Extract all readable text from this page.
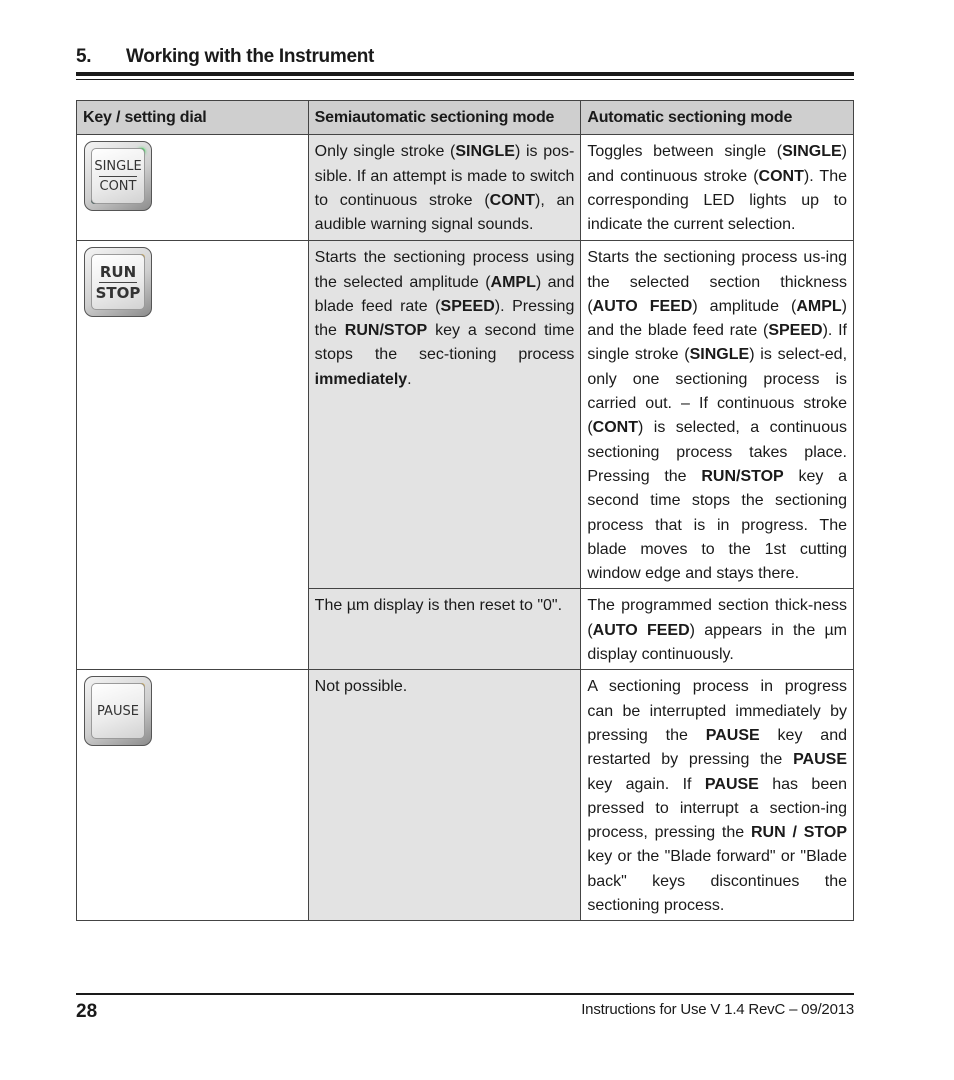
5. Working with the Instrument
Key / setting dial	Semiautomatic sectioning mode	Automatic sectioning mode

SINGLE
CONT	Only single stroke (SINGLE) is pos-sible. If an attempt is made to switch to continuous stroke (CONT), an audible warning signal sounds.	Toggles between single (SINGLE) and continuous stroke (CONT). The corresponding LED lights up to indicate the current selection.

RUN
STOP	Starts the sectioning process using the selected amplitude (AMPL) and blade feed rate (SPEED). Pressing the RUN/STOP key a second time stops the sec-tioning process immediately.	Starts the sectioning process us-ing the selected section thickness (AUTO FEED) amplitude (AMPL) and the blade feed rate (SPEED). If single stroke (SINGLE) is select-ed, only one sectioning process is carried out. – If continuous stroke (CONT) is selected, a continuous sectioning process takes place. Pressing the RUN/STOP key a second time stops the sectioning process that is in progress. The blade moves to the 1st cutting window edge and stays there.
	The µm display is then reset to "0".	The programmed section thick-ness (AUTO FEED) appears in the µm display continuously.

PAUSE	Not possible.	A sectioning process in progress can be interrupted immediately by pressing the PAUSE key and restarted by pressing the PAUSE key again. If PAUSE has been pressed to interrupt a section-ing process, pressing the RUN / STOP key or the "Blade forward" or "Blade back" keys discontinues the sectioning process.
28	Instructions for Use V 1.4 RevC – 09/2013
